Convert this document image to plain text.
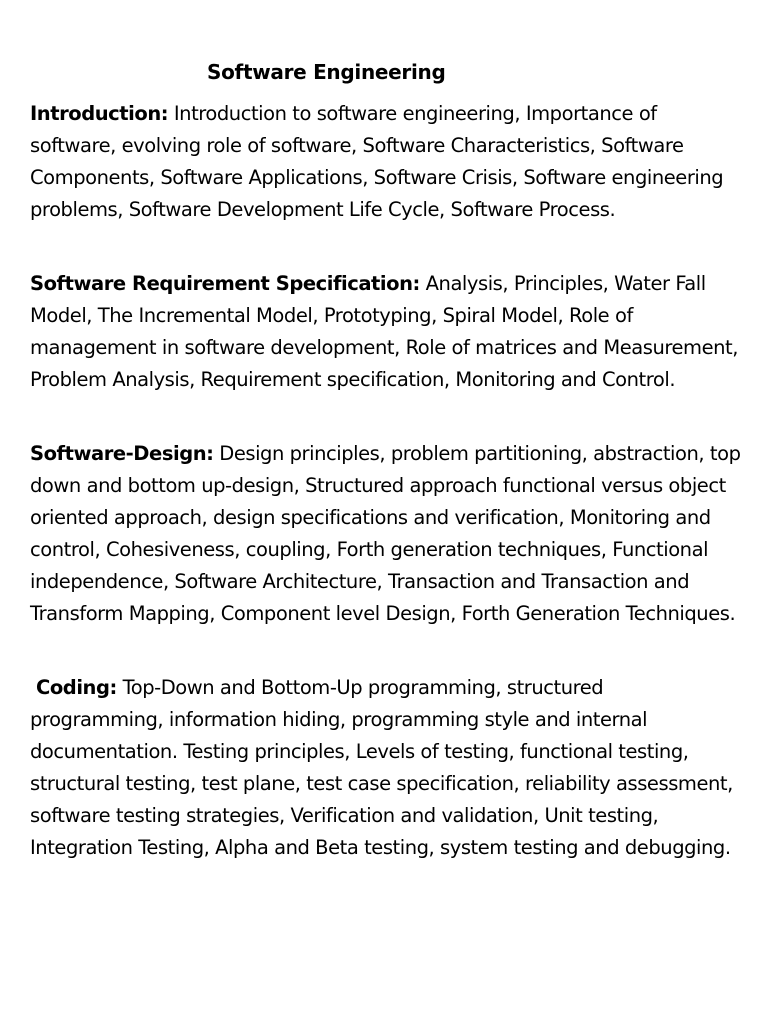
Software Engineering

Introduction: Introduction to software engineering, Importance of software, evolving role of software, Software Characteristics, Software Components, Software Applications, Software Crisis, Software engineering problems, Software Development Life Cycle, Software Process.

Software Requirement Specification: Analysis, Principles, Water Fall Model, The Incremental Model, Prototyping, Spiral Model, Role of management in software development, Role of matrices and Measurement, Problem Analysis, Requirement specification, Monitoring and Control.

Software-Design: Design principles, problem partitioning, abstraction, top down and bottom up-design, Structured approach functional versus object oriented approach, design specifications and verification, Monitoring and control, Cohesiveness, coupling, Forth generation techniques, Functional independence, Software Architecture, Transaction and Transaction and Transform Mapping, Component level Design, Forth Generation Techniques.

Coding: Top-Down and Bottom-Up programming, structured programming, information hiding, programming style and internal documentation. Testing principles, Levels of testing, functional testing, structural testing, test plane, test case specification, reliability assessment, software testing strategies, Verification and validation, Unit testing, Integration Testing, Alpha and Beta testing, system testing and debugging.
